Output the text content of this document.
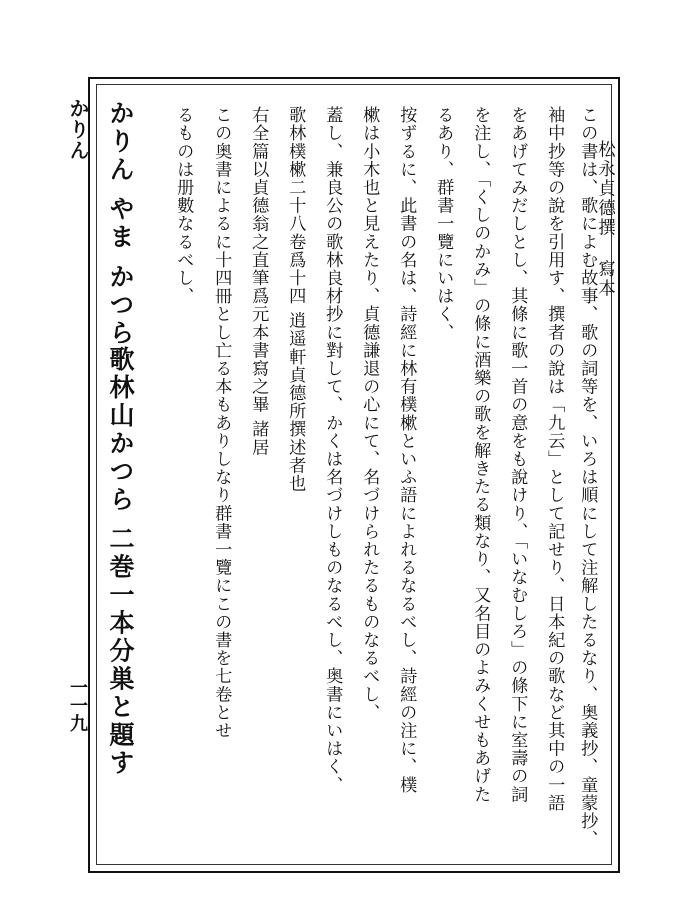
かりん
一一九
かりん やま かつら
歌林山かつら 二巻一本分巣と題す	この奥書によるに十四冊とし亡る本もありしなり群書一覽にこの書を七卷とせ 右全篇以貞德翁之直筆爲元本書寫之畢 諸居
るものは册數なるべし、	歌林樸樕二十八卷爲十四 逍遥軒貞德所撰述者也 蓋し、兼良公の歌林良材抄に對して、かくは名づけしものなるべし、奥書にいはく、 樕は小木也と見えたり、貞德謙退の心にて、名づけられたるものなるべし、 按ずるに、此書の名は、詩經に林有樸樕といふ語によれるなるべし、詩經の注に、樸 るあり、群書一覽にいはく、 を注し、「くしのかみ」の條に酒樂の歌を解きたる類なり、又名目のよみくせもあげた をあげてみだしとし、其條に歌一首の意をも說けり、「いなむしろ」の條下に室壽の詞 袖中抄等の說を引用す、撰者の說は「九云」として記せり、日本紀の歌など其中の一語 この書は、歌によむ故事、歌の詞等を、いろは順にして注解したるなり、奥義抄、童蒙抄、
松永貞德撰寫本
